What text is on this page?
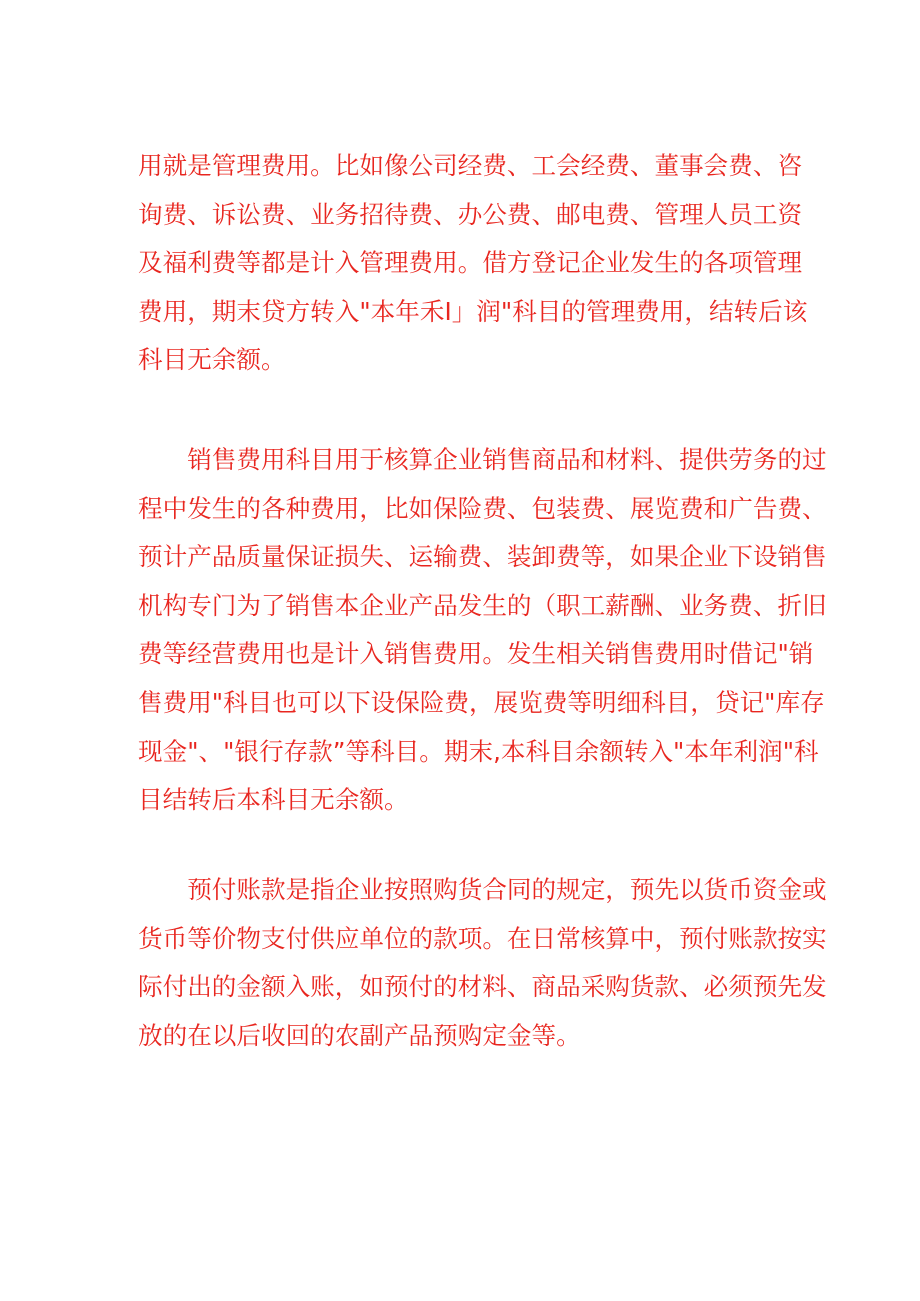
用就是管理费用。比如像公司经费、工会经费、董事会费、咨
询费、诉讼费、业务招待费、办公费、邮电费、管理人员工资
及福利费等都是计入管理费用。借方登记企业发生的各项管理
费用，期末贷方转入"本年禾I」润"科目的管理费用，结转后该
科目无余额。

　　销售费用科目用于核算企业销售商品和材料、提供劳务的过
程中发生的各种费用，比如保险费、包装费、展览费和广告费、
预计产品质量保证损失、运输费、装卸费等，如果企业下设销售
机构专门为了销售本企业产品发生的（职工薪酬、业务费、折旧
费等经营费用也是计入销售费用。发生相关销售费用时借记"销
售费用"科目也可以下设保险费，展览费等明细科目，贷记"库存
现金"、"银行存款”等科目。期末,本科目余额转入"本年利润"科
目结转后本科目无余额。

　　预付账款是指企业按照购货合同的规定，预先以货币资金或
货币等价物支付供应单位的款项。在日常核算中，预付账款按实
际付出的金额入账，如预付的材料、商品采购货款、必须预先发
放的在以后收回的农副产品预购定金等。
